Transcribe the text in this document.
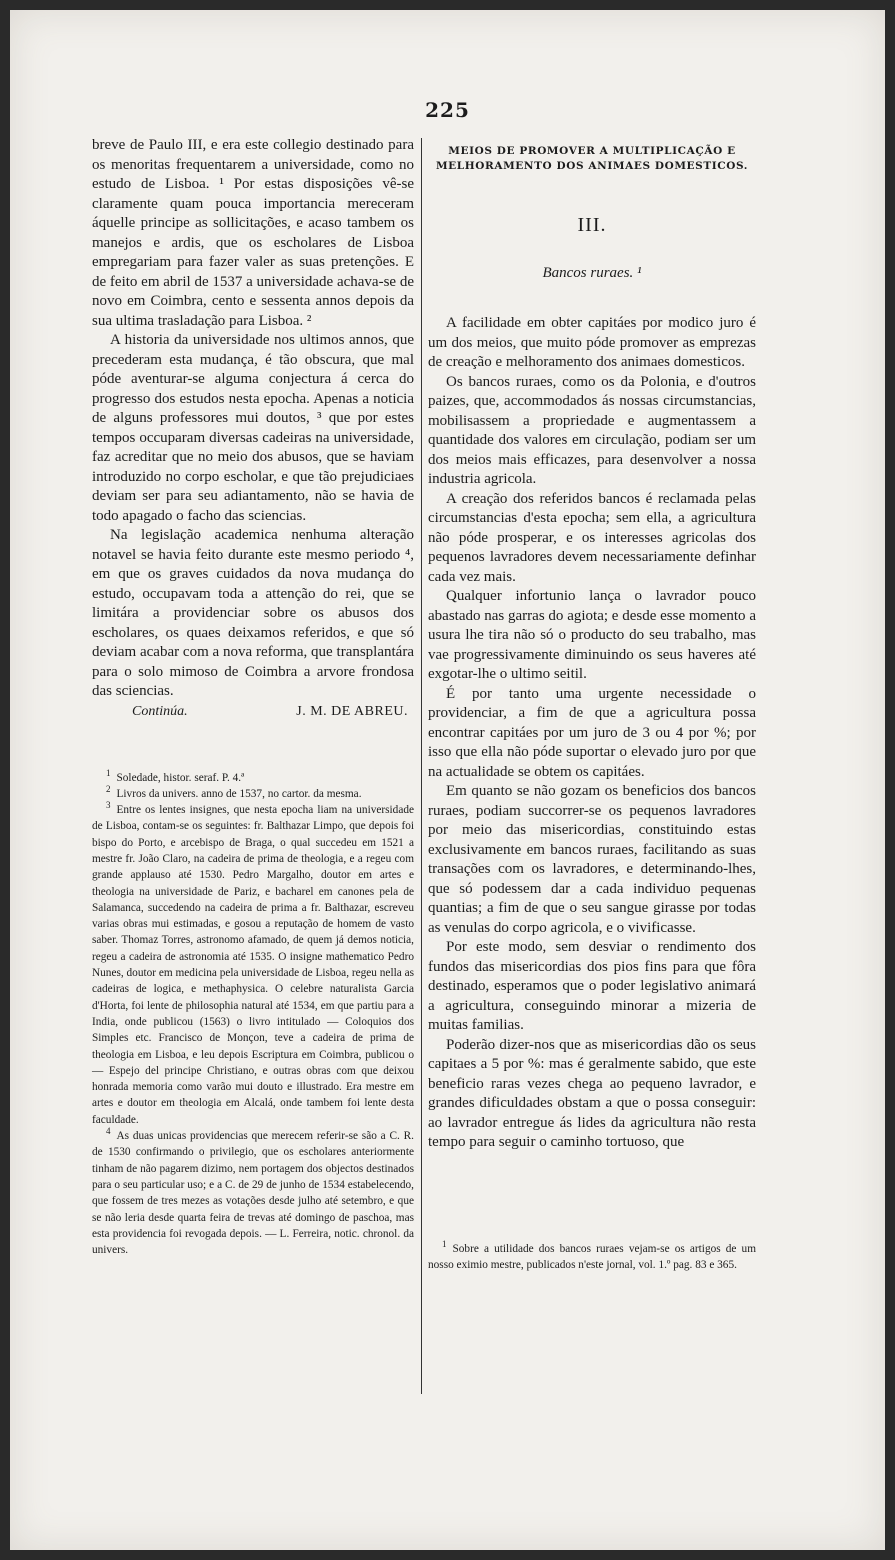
225

breve de Paulo III, e era este collegio destinado para os menoritas frequentarem a universidade, como no estudo de Lisboa. ¹ Por estas disposições vê-se claramente quam pouca importancia mereceram áquelle principe as sollicitações, e acaso tambem os manejos e ardis, que os escholares de Lisboa empregariam para fazer valer as suas pretenções. E de feito em abril de 1537 a universidade achava-se de novo em Coimbra, cento e sessenta annos depois da sua ultima trasladação para Lisboa. ²

A historia da universidade nos ultimos annos, que precederam esta mudança, é tão obscura, que mal póde aventurar-se alguma conjectura á cerca do progresso dos estudos nesta epocha. Apenas a noticia de alguns professores mui doutos, ³ que por estes tempos occuparam diversas cadeiras na universidade, faz acreditar que no meio dos abusos, que se haviam introduzido no corpo escholar, e que tão prejudiciaes deviam ser para seu adiantamento, não se havia de todo apagado o facho das sciencias.

Na legislação academica nenhuma alteração notavel se havia feito durante este mesmo periodo ⁴, em que os graves cuidados da nova mudança do estudo, occupavam toda a attenção do rei, que se limitára a providenciar sobre os abusos dos escholares, os quaes deixamos referidos, e que só deviam acabar com a nova reforma, que transplantára para o solo mimoso de Coimbra a arvore frondosa das sciencias.

Continúa.	J. M. DE ABREU.

$^1$ Soledade, histor. seraf. P. 4.ª

$^2$ Livros da univers. anno de 1537, no cartor. da mesma.

$^3$ Entre os lentes insignes, que nesta epocha liam na universidade de Lisboa, contam-se os seguintes: fr. Balthazar Limpo, que depois foi bispo do Porto, e arcebispo de Braga, o qual succedeu em 1521 a mestre fr. João Claro, na cadeira de prima de theologia, e a regeu com grande applauso até 1530. Pedro Margalho, doutor em artes e theologia na universidade de Pariz, e bacharel em canones pela de Salamanca, succedendo na cadeira de prima a fr. Balthazar, escreveu varias obras mui estimadas, e gosou a reputação de homem de vasto saber. Thomaz Torres, astronomo afamado, de quem já demos noticia, regeu a cadeira de astronomia até 1535. O insigne mathematico Pedro Nunes, doutor em medicina pela universidade de Lisboa, regeu nella as cadeiras de logica, e methaphysica. O celebre naturalista Garcia d'Horta, foi lente de philosophia natural até 1534, em que partiu para a India, onde publicou (1563) o livro intitulado — Coloquios dos Simples etc. Francisco de Monçon, teve a cadeira de prima de theologia em Lisboa, e leu depois Escriptura em Coimbra, publicou o — Espejo del principe Christiano, e outras obras com que deixou honrada memoria como varão mui douto e illustrado. Era mestre em artes e doutor em theologia em Alcalá, onde tambem foi lente desta faculdade.

$^4$ As duas unicas providencias que merecem referir-se são a C. R. de 1530 confirmando o privilegio, que os escholares anteriormente tinham de não pagarem dizimo, nem portagem dos objectos destinados para o seu particular uso; e a C. de 29 de junho de 1534 estabelecendo, que fossem de tres mezes as votações desde julho até setembro, e que se não leria desde quarta feira de trevas até domingo de paschoa, mas esta providencia foi revogada depois. — L. Ferreira, notic. chronol. da univers.

MEIOS DE PROMOVER A MULTIPLICAÇÃO E MELHORAMENTO DOS ANIMAES DOMESTICOS.

III.
Bancos ruraes. ¹

A facilidade em obter capitáes por modico juro é um dos meios, que muito póde promover as emprezas de creação e melhoramento dos animaes domesticos.

Os bancos ruraes, como os da Polonia, e d'outros paizes, que, accommodados ás nossas circumstancias, mobilisassem a propriedade e augmentassem a quantidade dos valores em circulação, podiam ser um dos meios mais efficazes, para desenvolver a nossa industria agricola.

A creação dos referidos bancos é reclamada pelas circumstancias d'esta epocha; sem ella, a agricultura não póde prosperar, e os interesses agricolas dos pequenos lavradores devem necessariamente definhar cada vez mais.

Qualquer infortunio lança o lavrador pouco abastado nas garras do agiota; e desde esse momento a usura lhe tira não só o producto do seu trabalho, mas vae progressivamente diminuindo os seus haveres até exgotar-lhe o ultimo seitil.

É por tanto uma urgente necessidade o providenciar, a fim de que a agricultura possa encontrar capitáes por um juro de 3 ou 4 por %; por isso que ella não póde suportar o elevado juro por que na actualidade se obtem os capitáes.

Em quanto se não gozam os beneficios dos bancos ruraes, podiam succorrer-se os pequenos lavradores por meio das misericordias, constituindo estas exclusivamente em bancos ruraes, facilitando as suas transações com os lavradores, e determinando-lhes, que só podessem dar a cada individuo pequenas quantias; a fim de que o seu sangue girasse por todas as venulas do corpo agricola, e o vivificasse.

Por este modo, sem desviar o rendimento dos fundos das misericordias dos pios fins para que fôra destinado, esperamos que o poder legislativo animará a agricultura, conseguindo minorar a mizeria de muitas familias.

Poderão dizer-nos que as misericordias dão os seus capitaes a 5 por %: mas é geralmente sabido, que este beneficio raras vezes chega ao pequeno lavrador, e grandes dificuldades obstam a que o possa conseguir: ao lavrador entregue ás lides da agricultura não resta tempo para seguir o caminho tortuoso, que

$^1$ Sobre a utilidade dos bancos ruraes vejam-se os artigos de um nosso eximio mestre, publicados n'este jornal, vol. 1.º pag. 83 e 365.
